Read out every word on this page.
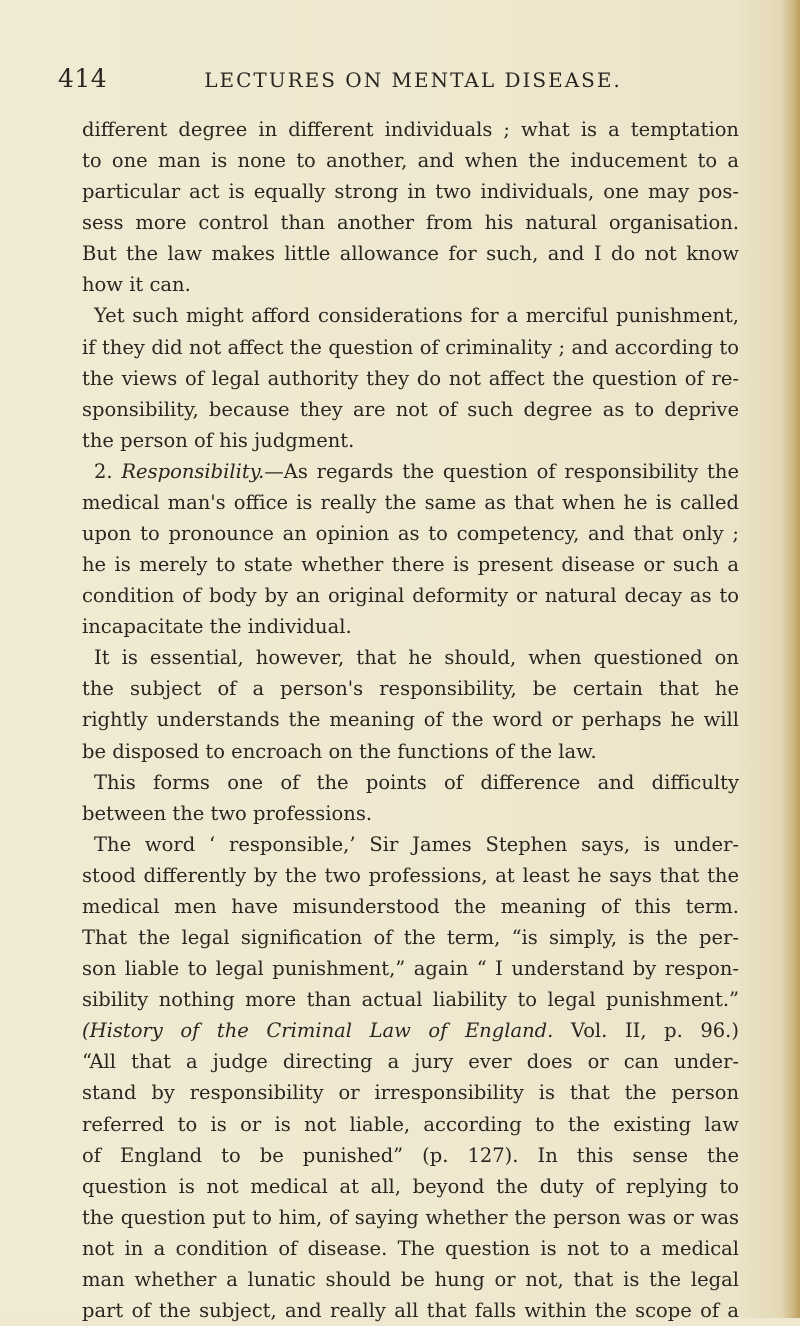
414	LECTURES ON MENTAL DISEASE.
different degree in different individuals ; what is a temptation
to one man is none to another, and when the inducement to a
particular act is equally strong in two individuals, one may pos-
sess more control than another from his natural organisation.
But the law makes little allowance for such, and I do not know
how it can.
Yet such might afford considerations for a merciful punishment,
if they did not affect the question of criminality ; and according to
the views of legal authority they do not affect the question of re-
sponsibility, because they are not of such degree as to deprive
the person of his judgment.
2. Responsibility.—As regards the question of responsibility the
medical man's office is really the same as that when he is called
upon to pronounce an opinion as to competency, and that only ;
he is merely to state whether there is present disease or such a
condition of body by an original deformity or natural decay as to
incapacitate the individual.
It is essential, however, that he should, when questioned on
the subject of a person's responsibility, be certain that he
rightly understands the meaning of the word or perhaps he will
be disposed to encroach on the functions of the law.
This forms one of the points of difference and difficulty
between the two professions.
The word ‘ responsible,’ Sir James Stephen says, is under-
stood differently by the two professions, at least he says that the
medical men have misunderstood the meaning of this term.
That the legal signification of the term, “is simply, is the per-
son liable to legal punishment,” again “ I understand by respon-
sibility nothing more than actual liability to legal punishment.”
(History of the Criminal Law of England. Vol. II, p. 96.)
“All that a judge directing a jury ever does or can under-
stand by responsibility or irresponsibility is that the person
referred to is or is not liable, according to the existing law
of England to be punished” (p. 127). In this sense the
question is not medical at all, beyond the duty of replying to
the question put to him, of saying whether the person was or was
not in a condition of disease. The question is not to a medical
man whether a lunatic should be hung or not, that is the legal
part of the subject, and really all that falls within the scope of a
